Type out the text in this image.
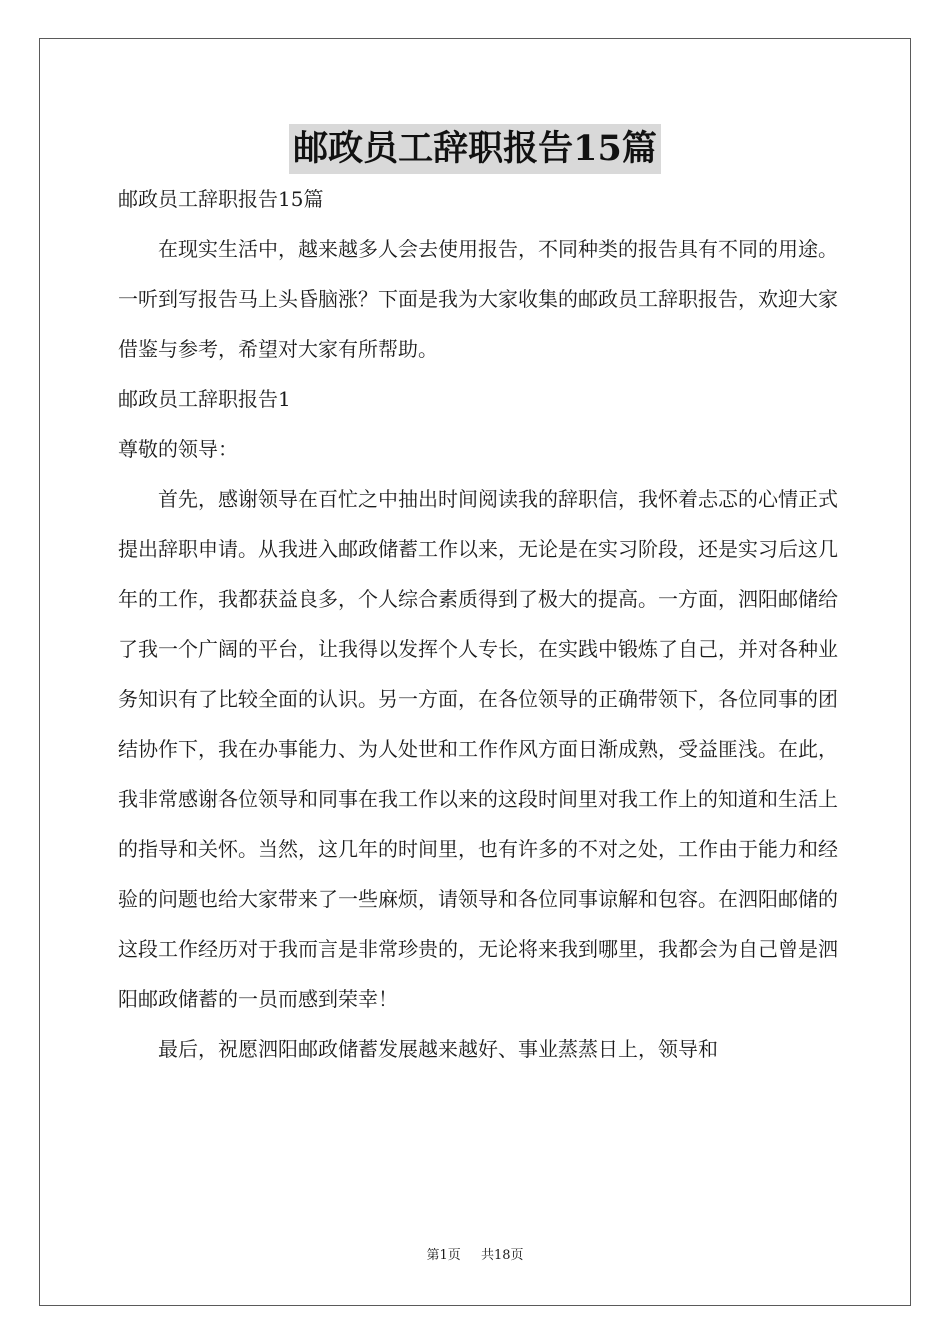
邮政员工辞职报告15篇

邮政员工辞职报告15篇

在现实生活中，越来越多人会去使用报告，不同种类的报告具有不同的用途。一听到写报告马上头昏脑涨？下面是我为大家收集的邮政员工辞职报告，欢迎大家借鉴与参考，希望对大家有所帮助。

邮政员工辞职报告1

尊敬的领导：

首先，感谢领导在百忙之中抽出时间阅读我的辞职信，我怀着忐忑的心情正式提出辞职申请。从我进入邮政储蓄工作以来，无论是在实习阶段，还是实习后这几年的工作，我都获益良多，个人综合素质得到了极大的提高。一方面，泗阳邮储给了我一个广阔的平台，让我得以发挥个人专长，在实践中锻炼了自己，并对各种业务知识有了比较全面的认识。另一方面，在各位领导的正确带领下，各位同事的团结协作下，我在办事能力、为人处世和工作作风方面日渐成熟，受益匪浅。在此，我非常感谢各位领导和同事在我工作以来的这段时间里对我工作上的知道和生活上的指导和关怀。当然，这几年的时间里，也有许多的不对之处，工作由于能力和经验的问题也给大家带来了一些麻烦，请领导和各位同事谅解和包容。在泗阳邮储的这段工作经历对于我而言是非常珍贵的，无论将来我到哪里，我都会为自己曾是泗阳邮政储蓄的一员而感到荣幸！

最后，祝愿泗阳邮政储蓄发展越来越好、事业蒸蒸日上，领导和

第1页 共18页
